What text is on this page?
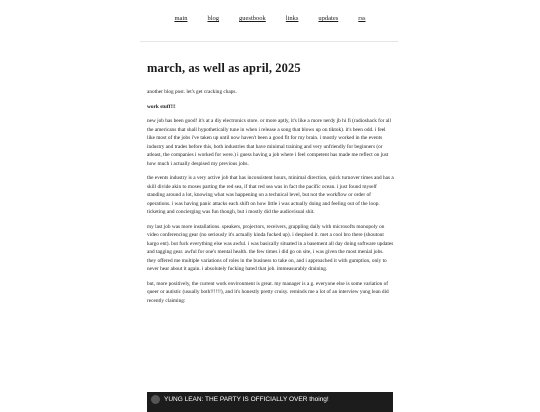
main	blog	guestbook	links	updates	rss
march, as well as april, 2025

another blog post. let's get cracking chaps.

work stuff!!!

new job has been good! it's at a diy electronics store. or more aptly, it's like a more nerdy jb hi fi (radioshack for all the americans that shall hypothetically tune in when i release a song that blows up on tiktok). it's been odd. i feel like most of the jobs i've taken up until now haven't been a good fit for my brain. i mostly worked in the events industry and trades before this, both industries that have minimal training and very unfriendly for beginners (or atleast, the companies i worked for were.) i guess having a job where i feel competent has made me reflect on just how much i actually despised my previous jobs.

the events industry is a very active job that has inconsistent hours, minimal direction, quick turnover times and has a skill divide akin to moses parting the red sea, if that red sea was in fact the pacific ocean. i just found myself standing around a lot, knowing what was happening on a technical level, but not the workflow or order of operations. i was having panic attacks each shift on how little i was actually doing and feeling out of the loop. ticketing and concierging was fun though, but i mostly did the audiovisual shit.

my last job was more installations. speakers, projectors, receivers, grappling daily with microsofts monopoly on video conferencing gear (no seriously it's actually kinda fucked up). i despised it. met a cool bro there (shoutout kargo ent). but fuck everything else was awful. i was basically situated in a basement all day doing software updates and tagging gear. awful for one's mental health. the few times i did go on site, i was given the most menial jobs. they offered me multiple variations of roles in the business to take on, and i approached it with gumption, only to never hear about it again. i absolutely fucking hated that job. immeasurably draining.

but, more positively, the current work environment is great. my manager is a g. everyone else is some variation of queer or autistic (usually both!!!!!!), and it's honestly pretty cruisy. reminds me a lot of an interview yung lean did recently claiming:

YUNG LEAN: THE PARTY IS OFFICIALLY OVER thoing!
